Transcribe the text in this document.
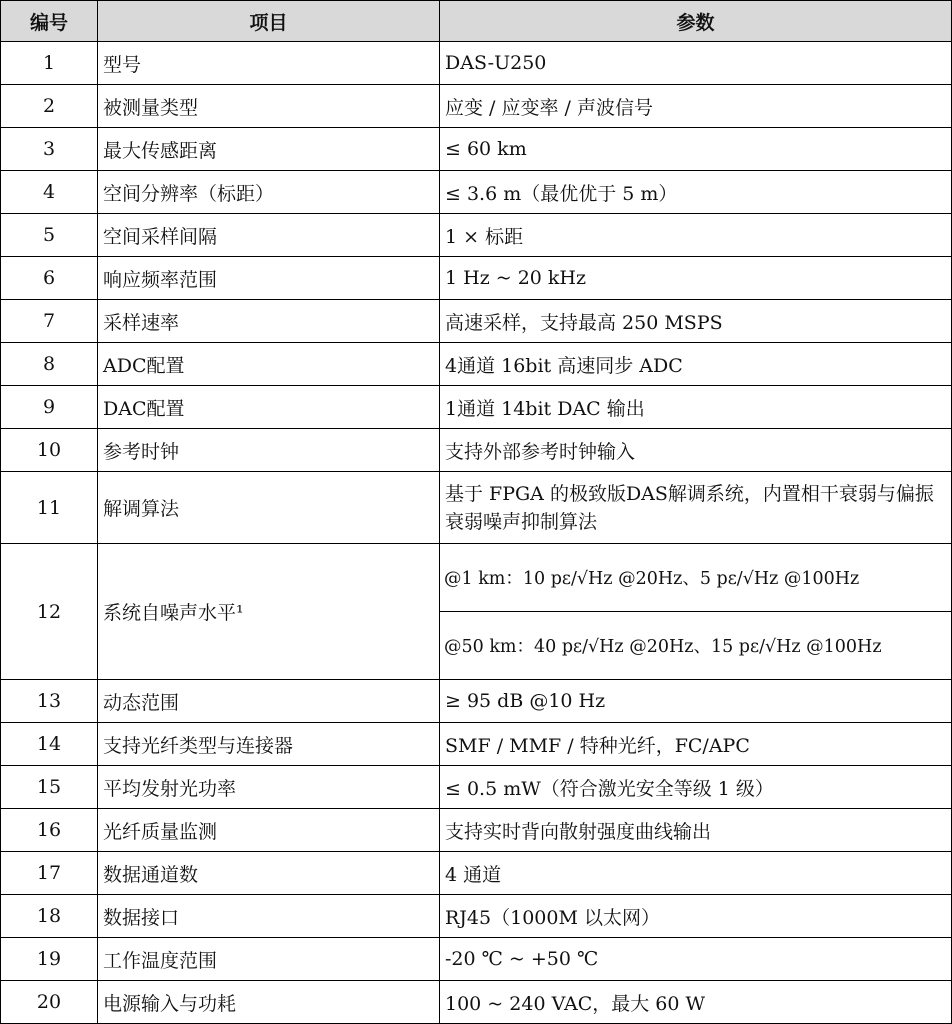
编号	项目	参数
1	型号	DAS-U250
2	被测量类型	应变 / 应变率 / 声波信号
3	最大传感距离	≤ 60 km
4	空间分辨率（标距）	≤ 3.6 m（最优优于 5 m）
5	空间采样间隔	1 × 标距
6	响应频率范围	1 Hz ~ 20 kHz
7	采样速率	高速采样，支持最高 250 MSPS
8	ADC配置	4通道 16bit 高速同步 ADC
9	DAC配置	1通道 14bit DAC 输出
10	参考时钟	支持外部参考时钟输入
11	解调算法	基于 FPGA 的极致版DAS解调系统，内置相干衰弱与偏振衰弱噪声抑制算法
12	系统自噪声水平¹	@1 km：10 pε/√Hz @20Hz、5 pε/√Hz @100Hz
		@50 km：40 pε/√Hz @20Hz、15 pε/√Hz @100Hz
13	动态范围	≥ 95 dB @10 Hz
14	支持光纤类型与连接器	SMF / MMF / 特种光纤，FC/APC
15	平均发射光功率	≤ 0.5 mW（符合激光安全等级 1 级）
16	光纤质量监测	支持实时背向散射强度曲线输出
17	数据通道数	4 通道
18	数据接口	RJ45（1000M 以太网）
19	工作温度范围	-20 ℃ ~ +50 ℃
20	电源输入与功耗	100 ~ 240 VAC，最大 60 W
